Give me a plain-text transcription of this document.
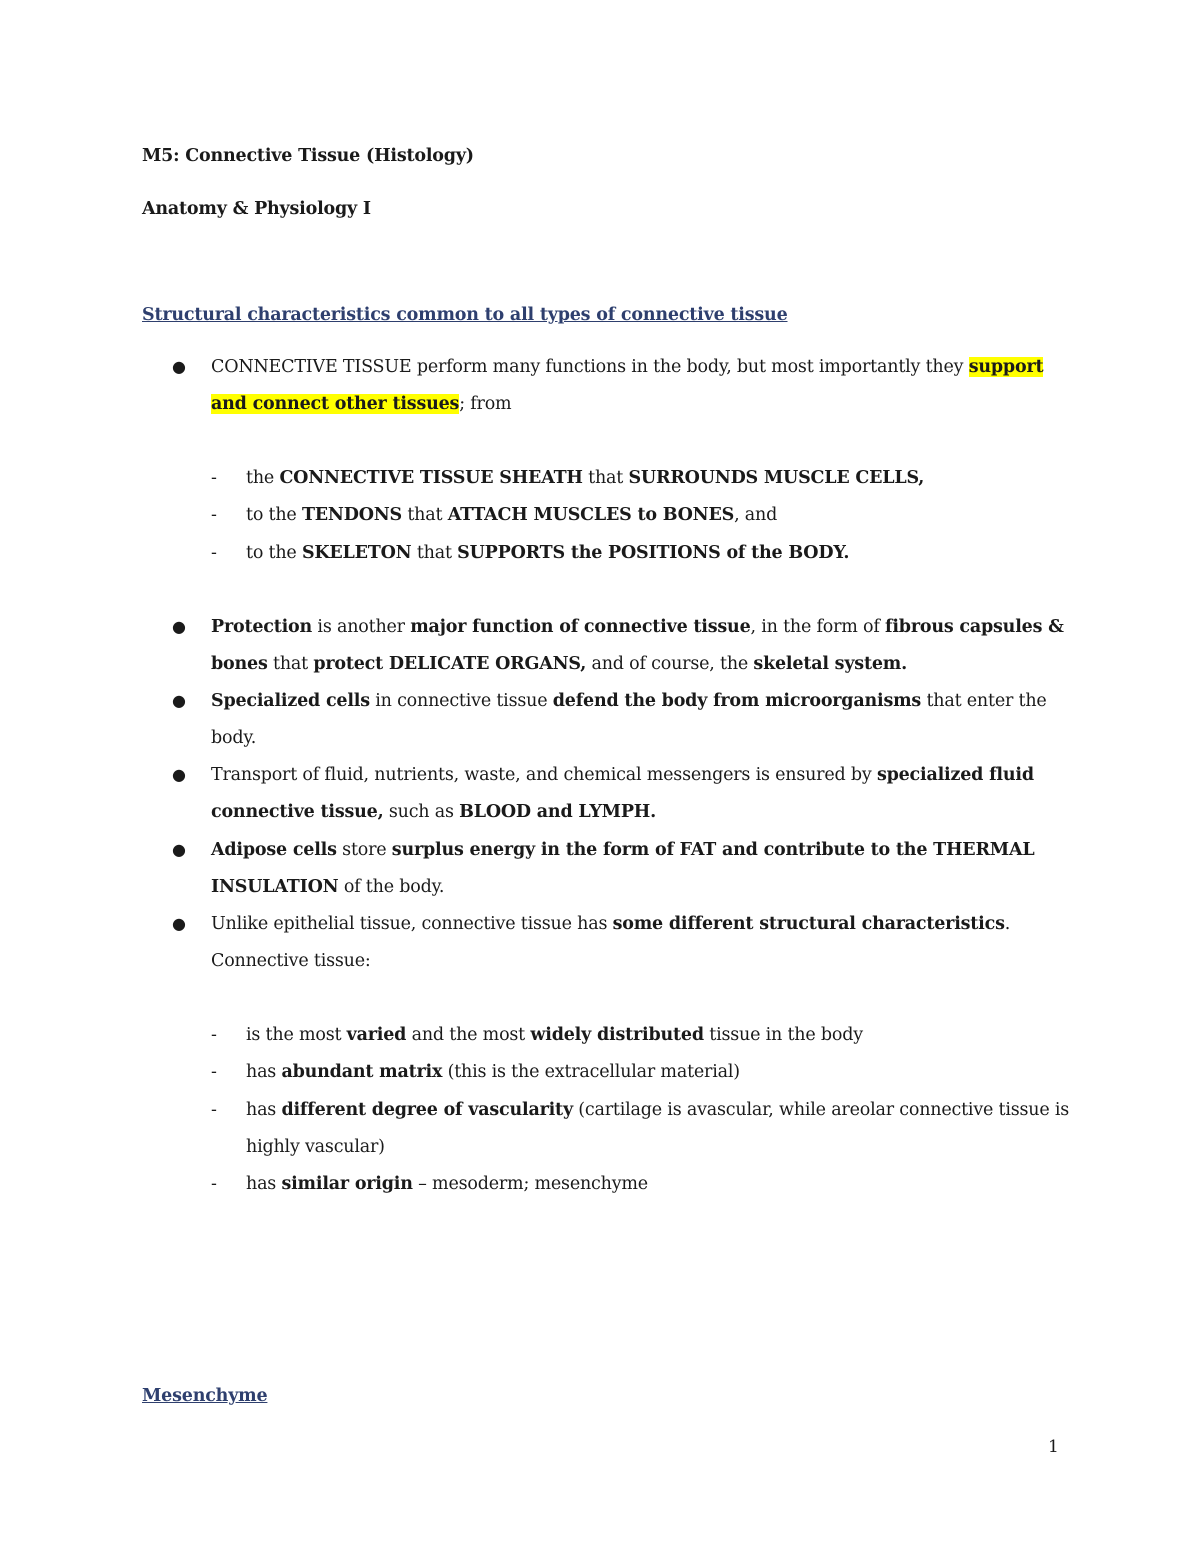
M5: Connective Tissue (Histology)
Anatomy & Physiology I
Structural characteristics common to all types of connective tissue
● CONNECTIVE TISSUE perform many functions in the body, but most importantly they support
and connect other tissues; from
- the CONNECTIVE TISSUE SHEATH that SURROUNDS MUSCLE CELLS,
- to the TENDONS that ATTACH MUSCLES to BONES, and
- to the SKELETON that SUPPORTS the POSITIONS of the BODY.
● Protection is another major function of connective tissue, in the form of fibrous capsules &
bones that protect DELICATE ORGANS, and of course, the skeletal system.
● Specialized cells in connective tissue defend the body from microorganisms that enter the
body.
● Transport of fluid, nutrients, waste, and chemical messengers is ensured by specialized fluid
connective tissue, such as BLOOD and LYMPH.
● Adipose cells store surplus energy in the form of FAT and contribute to the THERMAL
INSULATION of the body.
● Unlike epithelial tissue, connective tissue has some different structural characteristics.
Connective tissue:
- is the most varied and the most widely distributed tissue in the body
- has abundant matrix (this is the extracellular material)
- has different degree of vascularity (cartilage is avascular, while areolar connective tissue is
highly vascular)
- has similar origin – mesoderm; mesenchyme
Mesenchyme
1
